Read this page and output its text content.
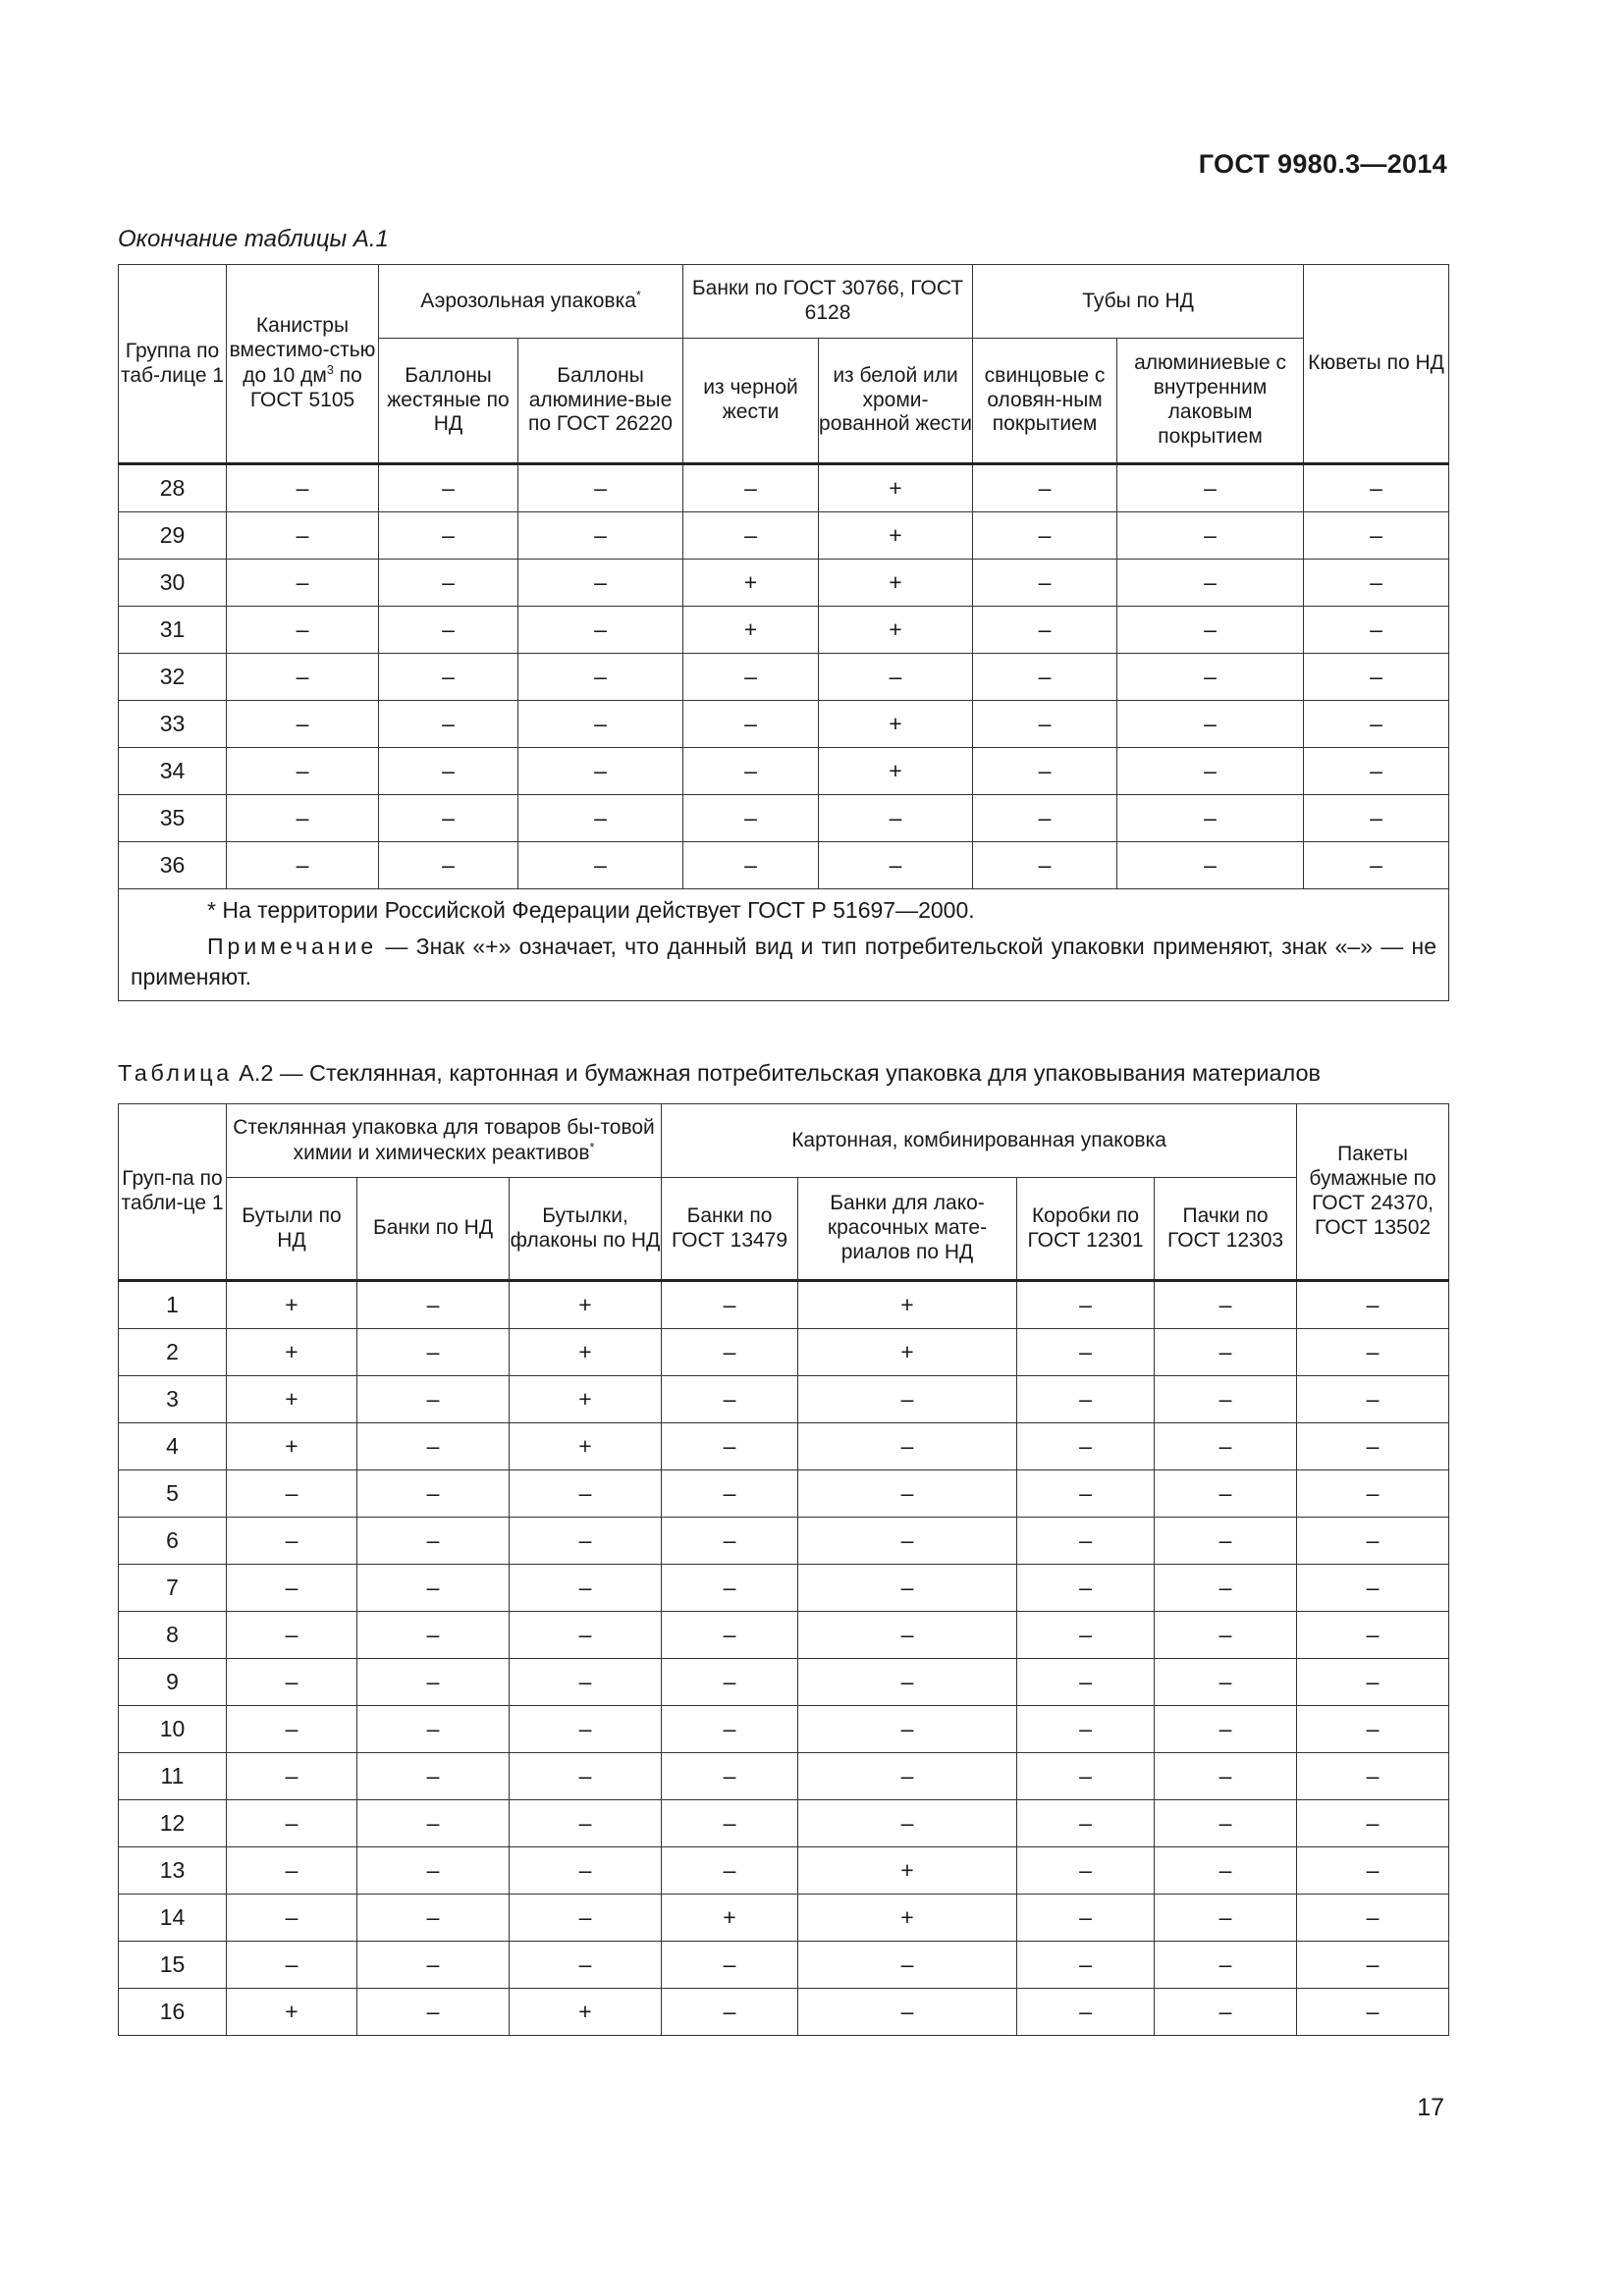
ГОСТ 9980.3—2014
Окончание таблицы А.1
Группа по таб-лице 1	Канистры вместимо-стью до 10 $дм^3$ по ГОСТ 5105	Аэрозольная упаковка*		Банки по ГОСТ 30766, ГОСТ 6128		Тубы по НД		Кюветы по НД
		Баллоны жестяные по НД	Баллоны алюминие-вые по ГОСТ 26220	из черной жести	из белой или хроми-рованной жести	свинцовые с оловян-ным покрытием	алюминиевые с внутренним лаковым покрытием	
28	–	–	–	–	+	–	–	–
29	–	–	–	–	+	–	–	–
30	–	–	–	+	+	–	–	–
31	–	–	–	+	+	–	–	–
32	–	–	–	–	–	–	–	–
33	–	–	–	–	+	–	–	–
34	–	–	–	–	+	–	–	–
35	–	–	–	–	–	–	–	–
36	–	–	–	–	–	–	–	–

* На территории Российской Федерации действует ГОСТ Р 51697—2000.
Примечание — Знак «+» означает, что данный вид и тип потребительской упаковки применяют, знак «–» — не применяют.								
Таблица А.2 — Стеклянная, картонная и бумажная потребительская упаковка для упаковывания материалов
Груп-па по табли-це 1	Стеклянная упаковка для товаров бы-товой химии и химических реактивов*			Картонная, комбинированная упаковка				Пакеты бумажные по ГОСТ 24370, ГОСТ 13502
	Бутыли по НД	Банки по НД	Бутылки, флаконы по НД	Банки по ГОСТ 13479	Банки для лако-красочных мате-риалов по НД	Коробки по ГОСТ 12301	Пачки по ГОСТ 12303	
1	+	–	+	–	+	–	–	–
2	+	–	+	–	+	–	–	–
3	+	–	+	–	–	–	–	–
4	+	–	+	–	–	–	–	–
5	–	–	–	–	–	–	–	–
6	–	–	–	–	–	–	–	–
7	–	–	–	–	–	–	–	–
8	–	–	–	–	–	–	–	–
9	–	–	–	–	–	–	–	–
10	–	–	–	–	–	–	–	–
11	–	–	–	–	–	–	–	–
12	–	–	–	–	–	–	–	–
13	–	–	–	–	+	–	–	–
14	–	–	–	+	+	–	–	–
15	–	–	–	–	–	–	–	–
16	+	–	+	–	–	–	–	–
17
